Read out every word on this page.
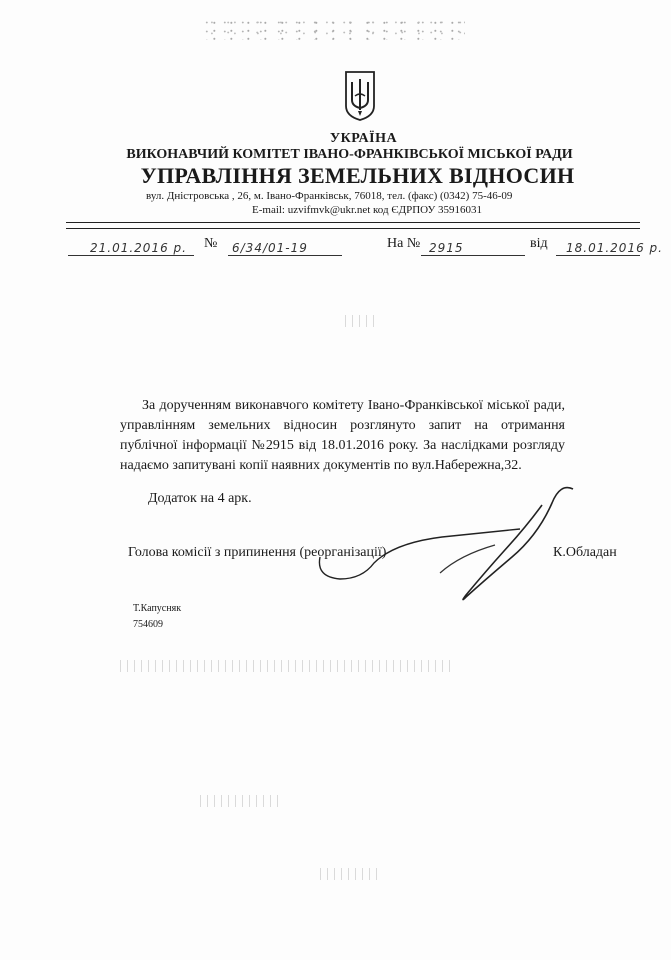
УКРАЇНА
ВИКОНАВЧИЙ КОМІТЕТ ІВАНО-ФРАНКІВСЬКОЇ МІСЬКОЇ РАДИ
УПРАВЛІННЯ ЗЕМЕЛЬНИХ ВІДНОСИН
вул. Дністровська , 26, м. Івано-Франківськ, 76018, тел. (факс) (0342) 75-46-09
E-mail: uzvifmvk@ukr.net код ЄДРПОУ 35916031
21.01.2016 р. № 6/34/01-19	На № 2915	від 18.01.2016 р.

За дорученням виконавчого комітету Івано-Франківської міської ради, управлінням земельних відносин розглянуто запит на отримання публічної інформації №2915 від 18.01.2016 року. За наслідками розгляду надаємо запитувані копії наявних документів по вул.Набережна,32.

Додаток на 4 арк.
Голова комісії з припинення (реорганізації)	К.Обладан
Т.Капусняк
754609
